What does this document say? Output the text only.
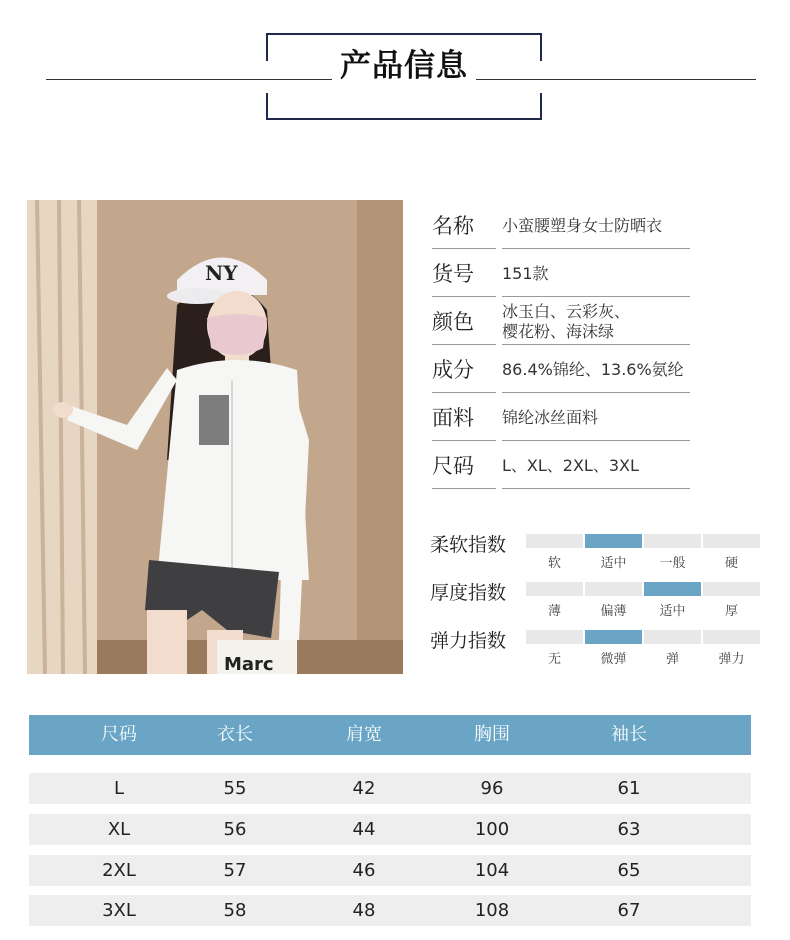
产品信息
NY
Marc
名称	小蛮腰塑身女士防晒衣
货号	151款
颜色	冰玉白、云彩灰、
樱花粉、海沫绿
成分	86.4%锦纶、13.6%氨纶
面料	锦纶冰丝面料
尺码	L、XL、2XL、3XL
柔软指数
软	适中	一般	硬
厚度指数
薄	偏薄	适中	厚
弹力指数
无	微弹	弹	弹力
尺码	衣长	肩宽	胸围	袖长
L	55	42	96	61
XL	56	44	100	63
2XL	57	46	104	65
3XL	58	48	108	67
